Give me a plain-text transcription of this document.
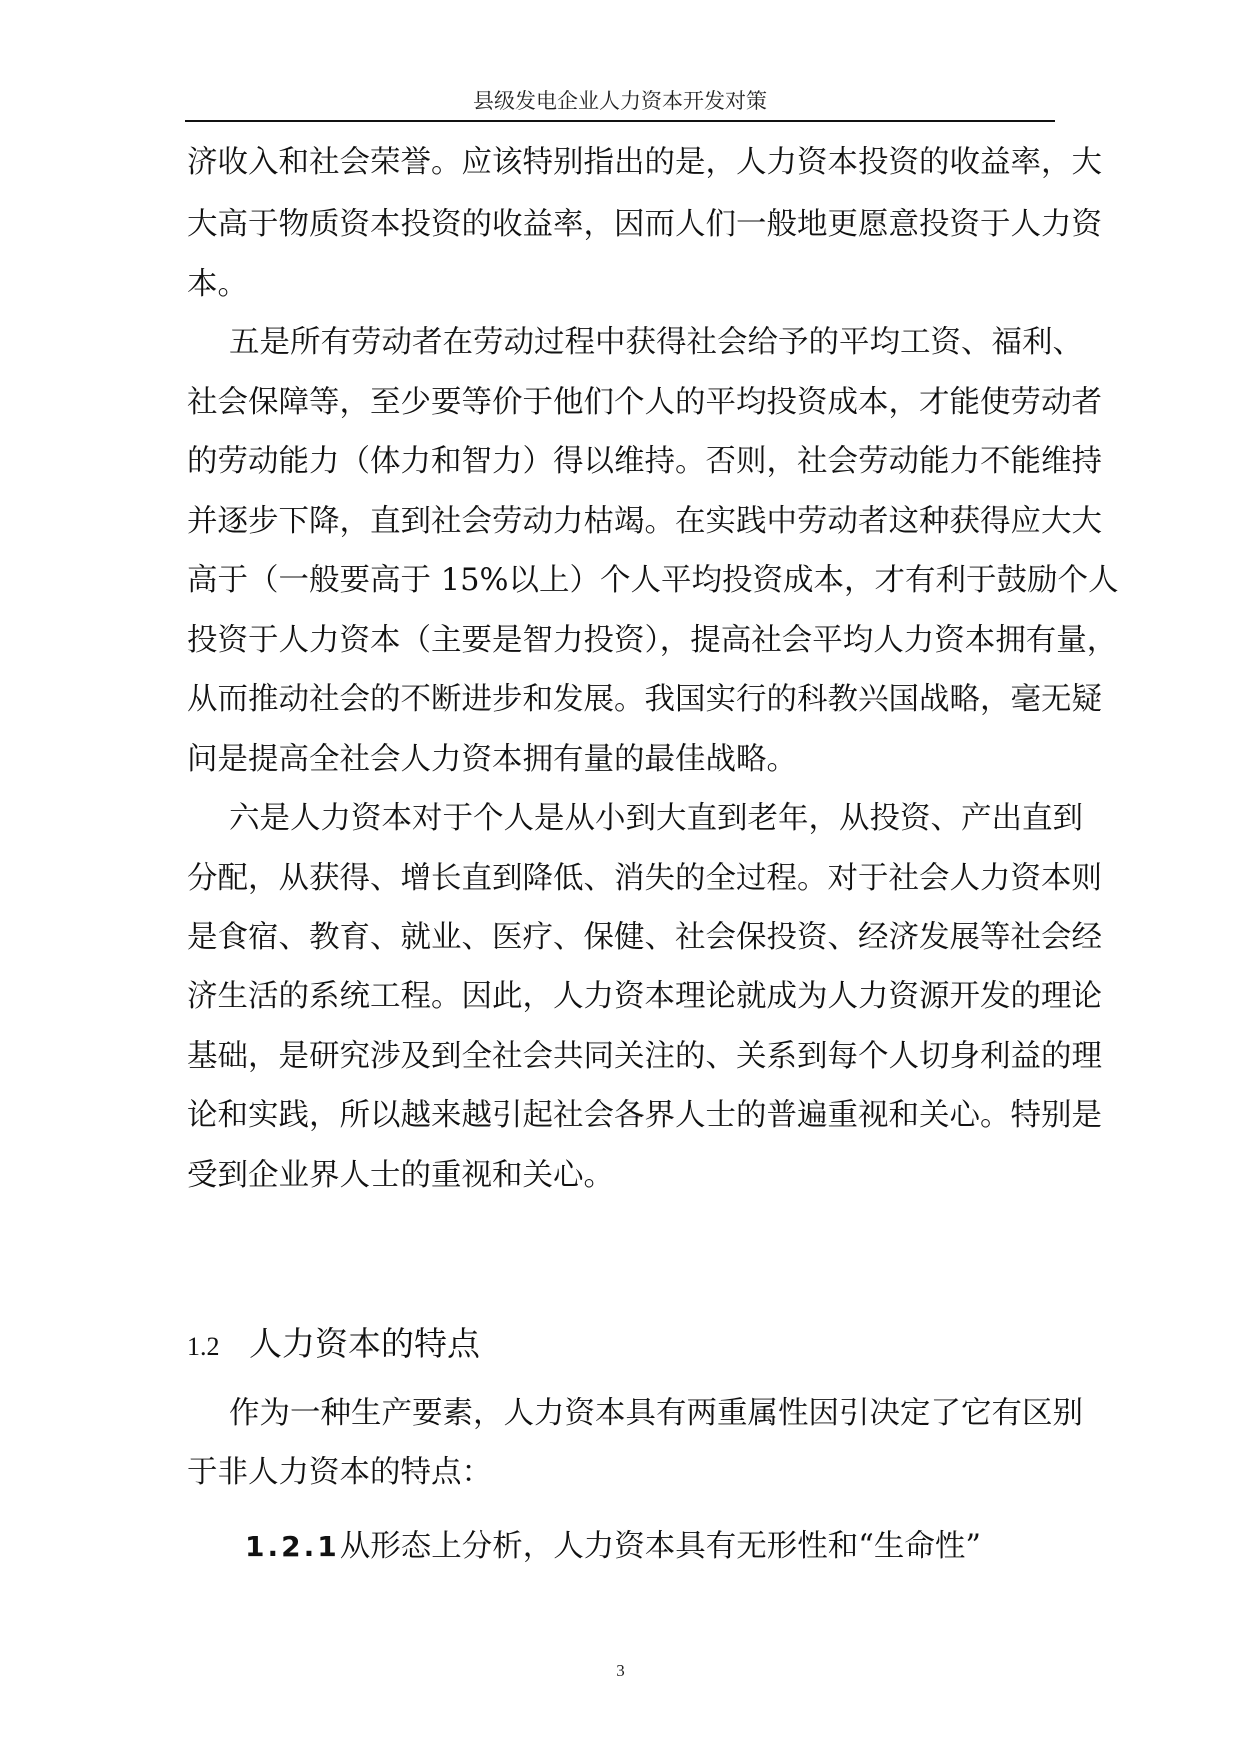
县级发电企业人力资本开发对策
济收入和社会荣誉。应该特别指出的是，人力资本投资的收益率，大
大高于物质资本投资的收益率，因而人们一般地更愿意投资于人力资
本。
五是所有劳动者在劳动过程中获得社会给予的平均工资、福利、
社会保障等，至少要等价于他们个人的平均投资成本，才能使劳动者
的劳动能力（体力和智力）得以维持。否则，社会劳动能力不能维持
并逐步下降，直到社会劳动力枯竭。在实践中劳动者这种获得应大大
高于（一般要高于 15%以上）个人平均投资成本，才有利于鼓励个人
投资于人力资本（主要是智力投资），提高社会平均人力资本拥有量，
从而推动社会的不断进步和发展。我国实行的科教兴国战略，毫无疑
问是提高全社会人力资本拥有量的最佳战略。
六是人力资本对于个人是从小到大直到老年，从投资、产出直到
分配，从获得、增长直到降低、消失的全过程。对于社会人力资本则
是食宿、教育、就业、医疗、保健、社会保投资、经济发展等社会经
济生活的系统工程。因此，人力资本理论就成为人力资源开发的理论
基础，是研究涉及到全社会共同关注的、关系到每个人切身利益的理
论和实践，所以越来越引起社会各界人士的普遍重视和关心。特别是
受到企业界人士的重视和关心。
1.2 人力资本的特点
作为一种生产要素，人力资本具有两重属性因引决定了它有区别
于非人力资本的特点：
1.2.1从形态上分析，人力资本具有无形性和“生命性”
3
